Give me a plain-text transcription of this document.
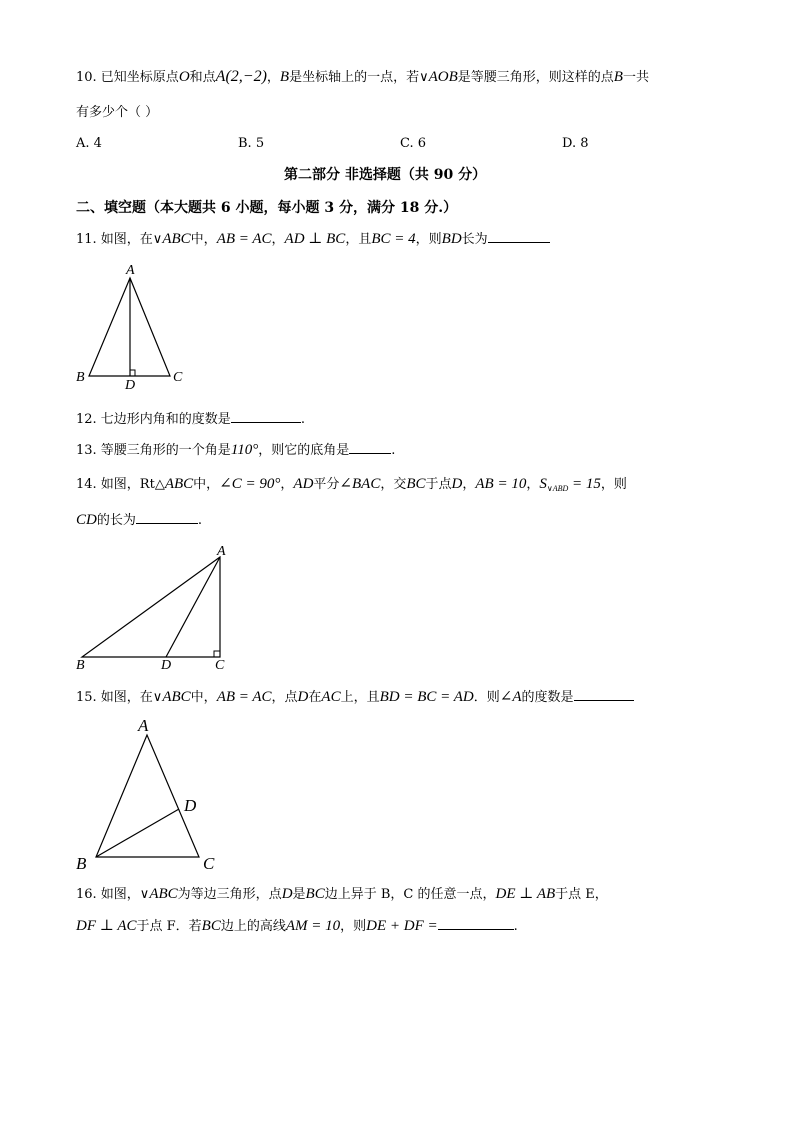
10. 已知坐标原点O和点A(2,−2)，B是坐标轴上的一点，若∨AOB是等腰三角形，则这样的点B一共
有多少个（ ）
A. 4	B. 5	C. 6	D. 8
第二部分 非选择题（共 90 分）
二、填空题（本大题共 6 小题，每小题 3 分，满分 18 分.）
11. 如图，在∨ABC中，AB = AC，AD ⊥ BC，且BC = 4，则BD长为
A
B	C
D
A
B	D	C
A
B
D
C
12. 七边形内角和的度数是	.
13. 等腰三角形的一个角是110°，则它的底角是	.
14. 如图，Rt△ABC中，∠C = 90°，AD平分∠BAC，交BC于点D，AB = 10，$S_{\vee ABD} = 15$，则
CD的长为	.
15. 如图，在∨ABC中，AB = AC，点D在AC上，且BD = BC = AD．则∠A的度数是
16. 如图，∨ABC为等边三角形，点D是BC边上异于 B，C 的任意一点，DE ⊥ AB于点 E，
DF ⊥ AC于点 F．若BC边上的高线AM = 10，则DE + DF =	.
